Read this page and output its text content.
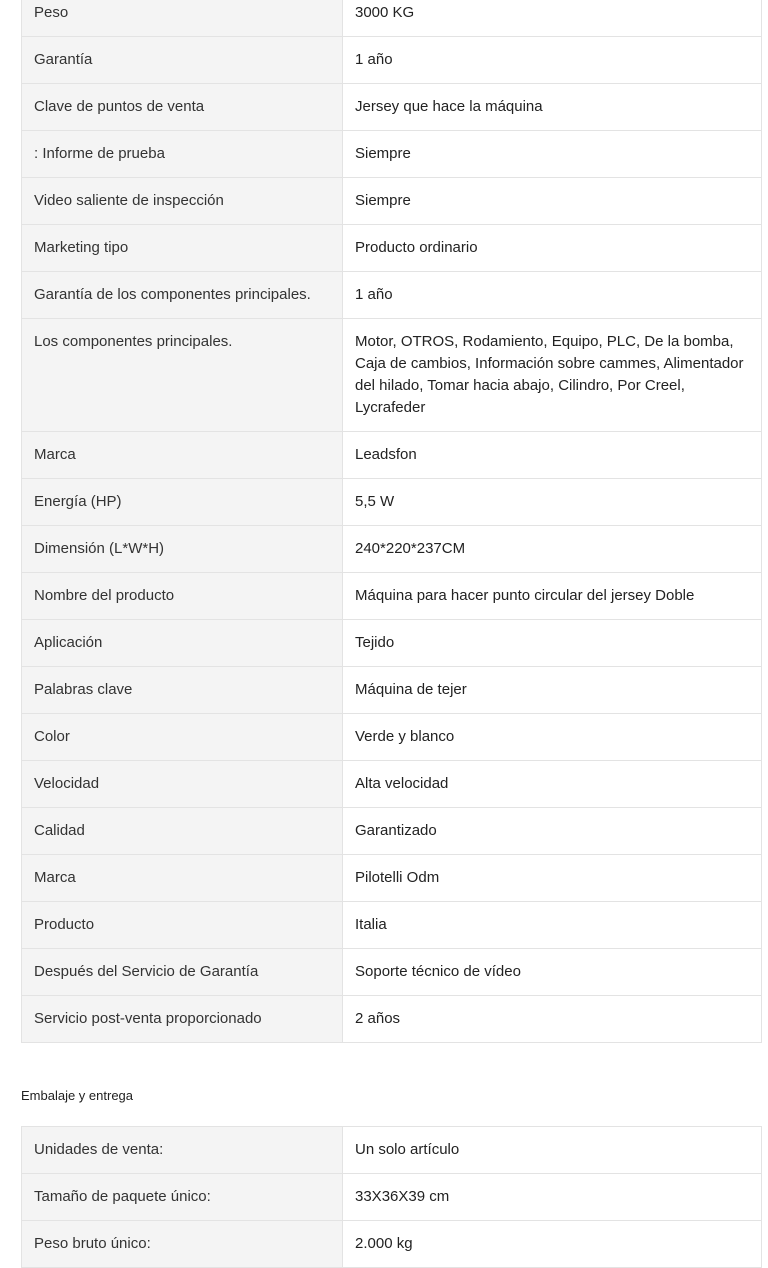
Peso	3000 KG
Garantía	1 año
Clave de puntos de venta	Jersey que hace la máquina
: Informe de prueba	Siempre
Video saliente de inspección	Siempre
Marketing tipo	Producto ordinario
Garantía de los componentes principales.	1 año
Los componentes principales.	Motor, OTROS, Rodamiento, Equipo, PLC, De la bomba, Caja de cambios, Información sobre cammes, Alimentador del hilado, Tomar hacia abajo, Cilindro, Por Creel, Lycrafeder
Marca	Leadsfon
Energía (HP)	5,5 W
Dimensión (L*W*H)	240*220*237CM
Nombre del producto	Máquina para hacer punto circular del jersey Doble
Aplicación	Tejido
Palabras clave	Máquina de tejer
Color	Verde y blanco
Velocidad	Alta velocidad
Calidad	Garantizado
Marca	Pilotelli Odm
Producto	Italia
Después del Servicio de Garantía	Soporte técnico de vídeo
Servicio post-venta proporcionado	2 años
Embalaje y entrega
Unidades de venta:	Un solo artículo
Tamaño de paquete único:	33X36X39 cm
Peso bruto único:	2.000 kg
